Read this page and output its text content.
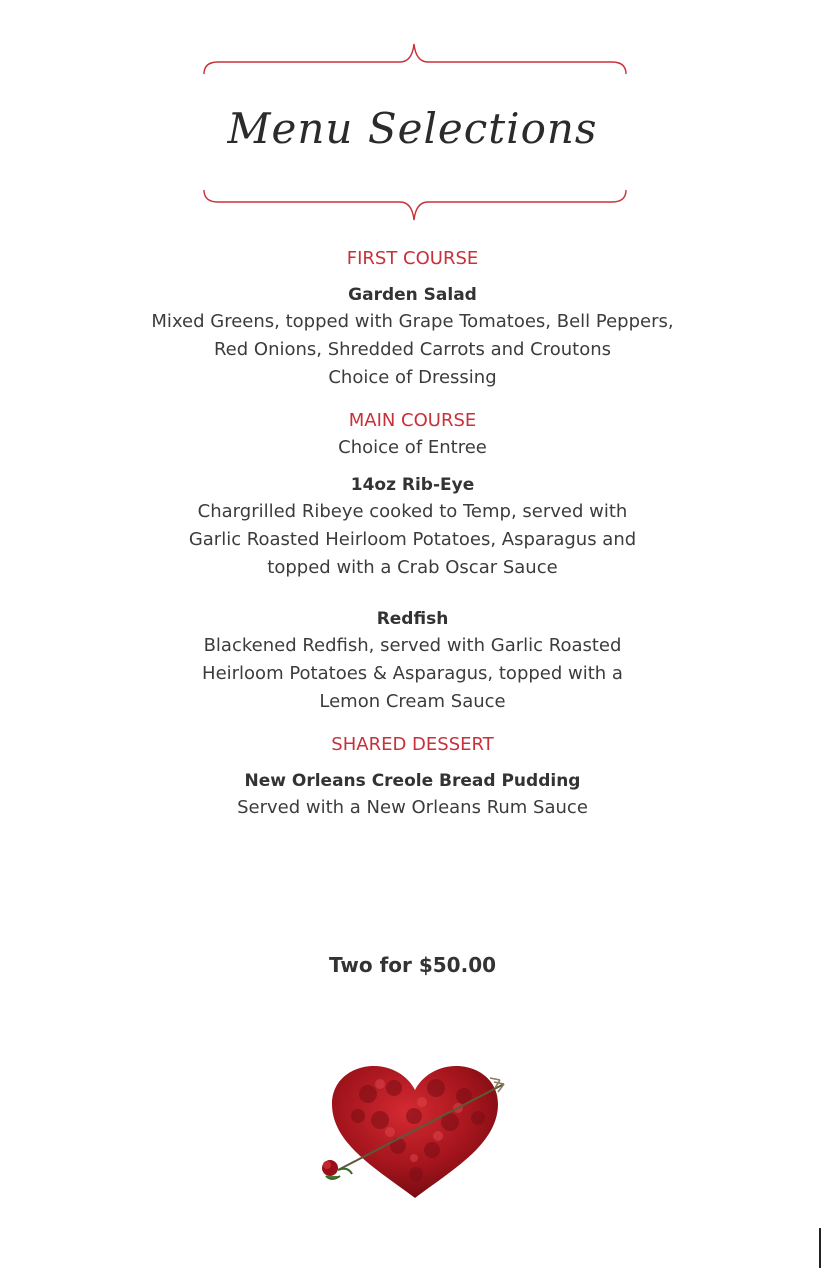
Menu Selections
FIRST COURSE
Garden Salad
Mixed Greens, topped with Grape Tomatoes, Bell Peppers,
Red Onions, Shredded Carrots and Croutons
Choice of Dressing
MAIN COURSE
Choice of Entree
14oz Rib-Eye
Chargrilled Ribeye cooked to Temp, served with
Garlic Roasted Heirloom Potatoes, Asparagus and
topped with a Crab Oscar Sauce
Redfish
Blackened Redfish, served with Garlic Roasted
Heirloom Potatoes & Asparagus, topped with a
Lemon Cream Sauce
SHARED DESSERT
New Orleans Creole Bread Pudding
Served with a New Orleans Rum Sauce
Two for $50.00
